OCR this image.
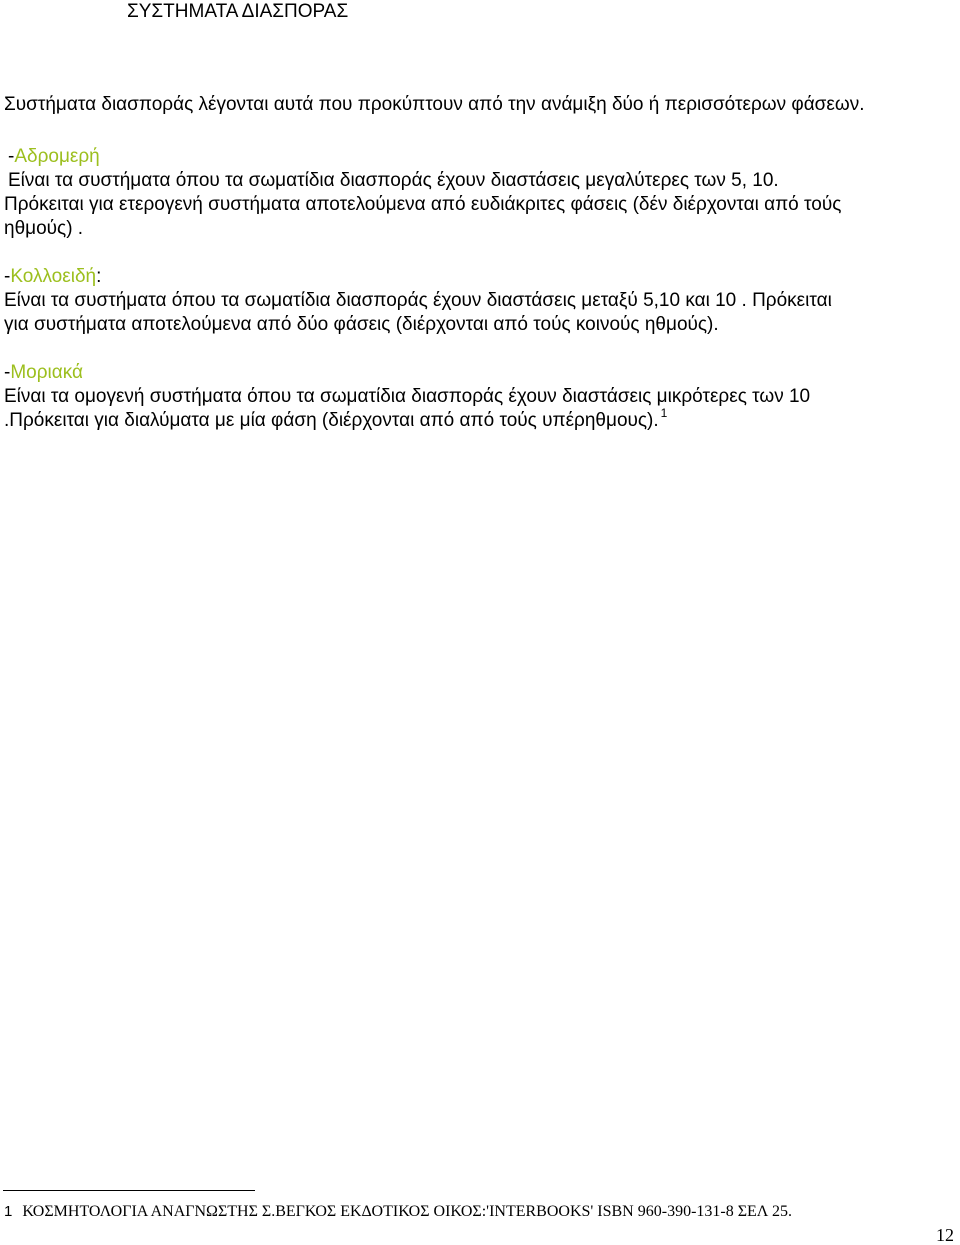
ΣΥΣΤΗΜΑΤΑ ΔΙΑΣΠΟΡΑΣ
Συστήματα διασποράς λέγονται αυτά που προκύπτουν από την ανάμιξη δύο ή περισσότερων φάσεων.
-Αδρομερή
Είναι τα συστήματα όπου τα σωματίδια διασποράς έχουν διαστάσεις μεγαλύτερες των 5, 10.
Πρόκειται για ετερογενή συστήματα αποτελούμενα από ευδιάκριτες φάσεις (δέν διέρχονται από τούς
ηθμούς) .
-Κολλοειδή:
Είναι τα συστήματα όπου τα σωματίδια διασποράς έχουν διαστάσεις μεταξύ 5,10 και 10 . Πρόκειται
για συστήματα αποτελούμενα από δύο φάσεις (διέρχονται από τούς κοινούς ηθμούς).
-Μοριακά
Είναι τα ομογενή συστήματα όπου τα σωματίδια διασποράς έχουν διαστάσεις μικρότερες των 10
.Πρόκειται για διαλύματα με μία φάση (διέρχονται από από τούς υπέρηθμους). $^1$
1 ΚΟΣΜΗΤΟΛΟΓΙΑ ΑΝΑΓΝΩΣΤΗΣ Σ.ΒΕΓΚΟΣ ΕΚΔΟΤΙΚΟΣ ΟΙΚΟΣ:'INTERBOOKS' ISBN 960-390-131-8 ΣΕΛ 25.
12
